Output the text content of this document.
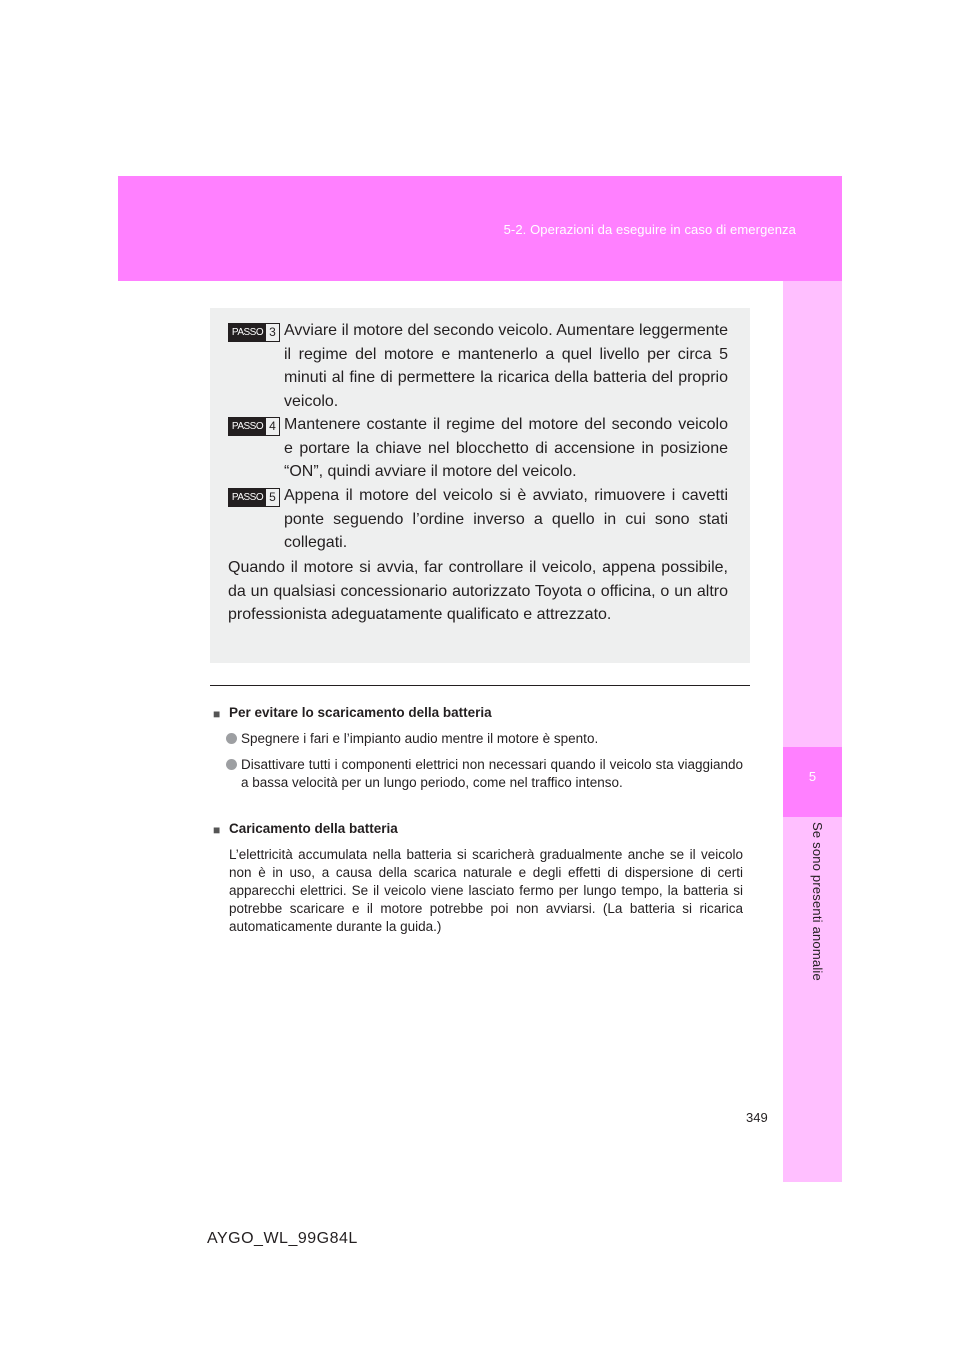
5-2. Operazioni da eseguire in caso di emergenza
5
Se sono presenti anomalie
PASSO 3 Avviare il motore del secondo veicolo. Aumentare leggermente il regime del motore e mantenerlo a quel livello per circa 5 minuti al fine di permettere la ricarica della batteria del proprio veicolo.
PASSO 4 Mantenere costante il regime del motore del secondo veicolo e portare la chiave nel blocchetto di accensione in posizione “ON”, quindi avviare il motore del veicolo.
PASSO 5 Appena il motore del veicolo si è avviato, rimuovere i cavetti ponte seguendo l’ordine inverso a quello in cui sono stati collegati.
Quando il motore si avvia, far controllare il veicolo, appena possibile, da un qualsiasi concessionario autorizzato Toyota o officina, o un altro professionista adeguatamente qualificato e attrezzato.
■ Per evitare lo scaricamento della batteria
Spegnere i fari e l’impianto audio mentre il motore è spento.
Disattivare tutti i componenti elettrici non necessari quando il veicolo sta viaggiando a bassa velocità per un lungo periodo, come nel traffico intenso.
■ Caricamento della batteria
L’elettricità accumulata nella batteria si scaricherà gradualmente anche se il veicolo non è in uso, a causa della scarica naturale e degli effetti di dispersione di certi apparecchi elettrici. Se il veicolo viene lasciato fermo per lungo tempo, la batteria si potrebbe scaricare e il motore potrebbe poi non avviarsi. (La batteria si ricarica automaticamente durante la guida.)
349
AYGO_WL_99G84L
